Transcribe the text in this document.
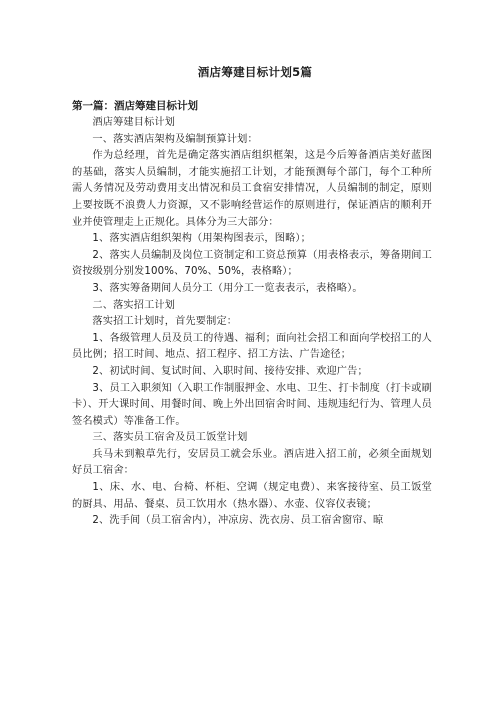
酒店筹建目标计划5篇
第一篇：酒店筹建目标计划

酒店筹建目标计划

一、落实酒店架构及编制预算计划：

作为总经理，首先是确定落实酒店组织框架，这是今后筹备酒店美好蓝图的基础，落实人员编制，才能实施招工计划，才能预测每个部门，每个工种所需人务情况及劳动费用支出情况和员工食宿安排情况，人员编制的制定，原则上要按既不浪费人力资源，又不影响经营运作的原则进行，保证酒店的顺利开业并使管理走上正规化。具体分为三大部分：

1、落实酒店组织架构（用架构图表示，图略）；

2、落实人员编制及岗位工资制定和工资总预算（用表格表示，筹备期间工资按级别分别发100%、70%、50%，表格略）；

3、落实筹备期间人员分工（用分工一览表表示，表格略）。

二、落实招工计划

落实招工计划时，首先要制定：

1、各级管理人员及员工的待遇、福利；面向社会招工和面向学校招工的人员比例；招工时间、地点、招工程序、招工方法、广告途径；

2、初试时间、复试时间、入职时间、接待安排、欢迎广告；

3、员工入职须知（入职工作制服押金、水电、卫生、打卡制度（打卡或刷卡）、开大课时间、用餐时间、晚上外出回宿舍时间、违规违纪行为、管理人员签名模式）等准备工作。

三、落实员工宿舍及员工饭堂计划

兵马未到粮草先行，安居员工就会乐业。酒店进入招工前，必须全面规划好员工宿舍：

1、床、水、电、台椅、杯柜、空调（规定电费）、来客接待室、员工饭堂的厨具、用品、餐桌、员工饮用水（热水器）、水壶、仪容仪表镜；

2、洗手间（员工宿舍内），冲凉房、洗衣房、员工宿舍窗帘、晾
